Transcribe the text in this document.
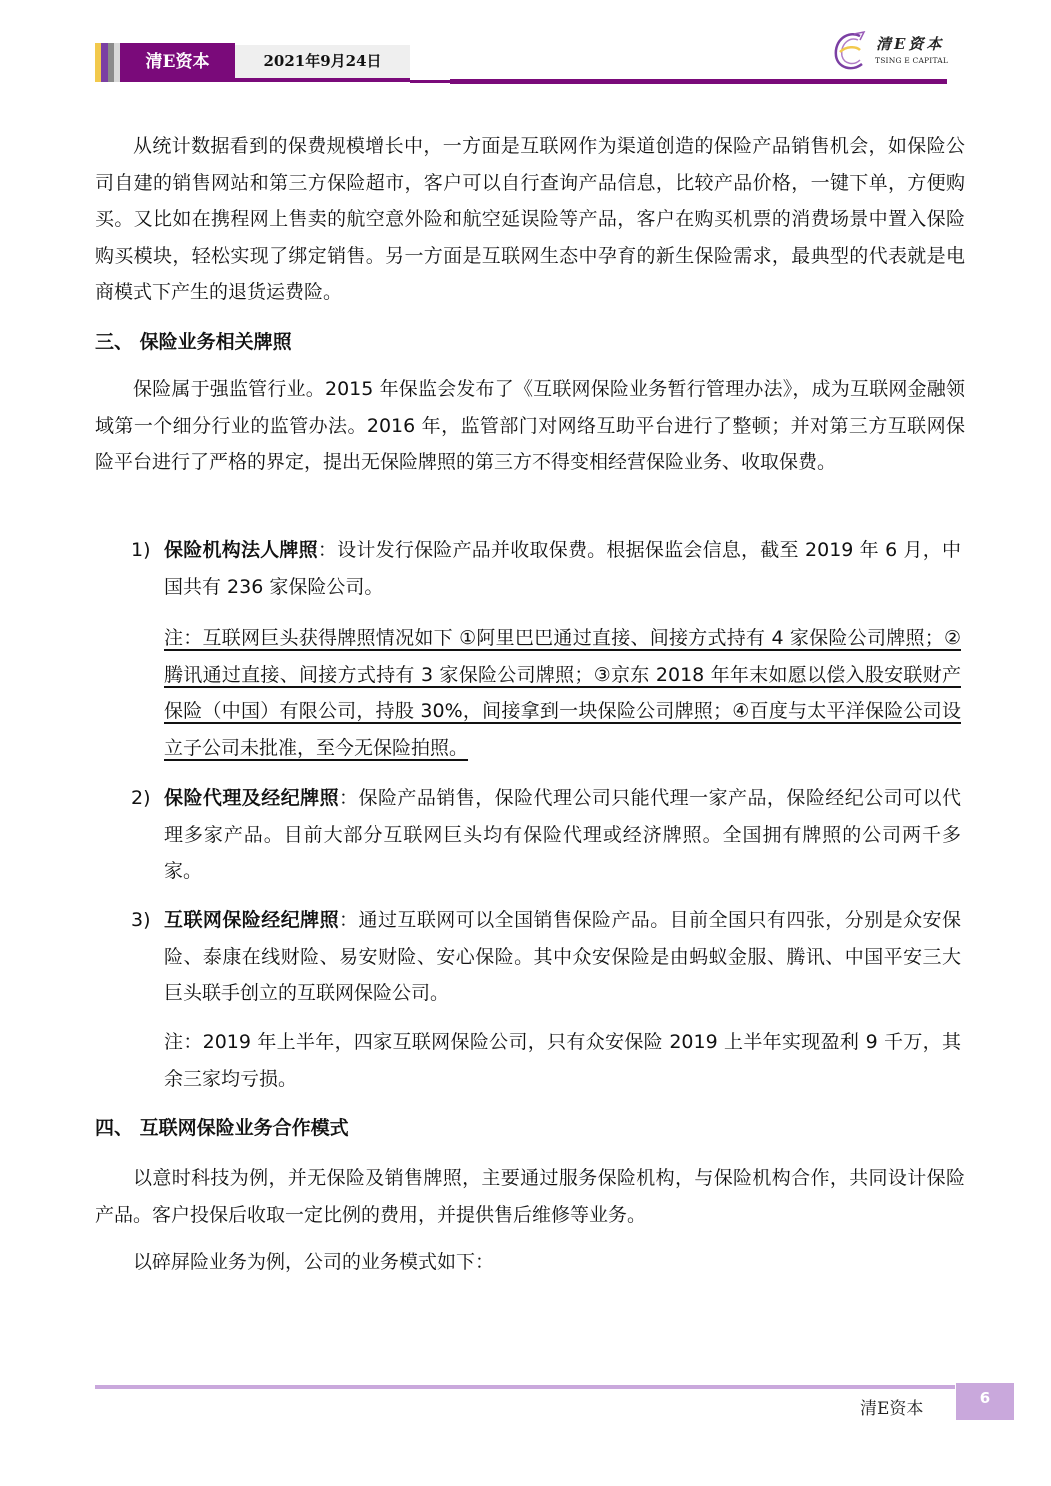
清E资本	2021年9月24日
清E资本
TSING E CAPITAL

从统计数据看到的保费规模增长中，一方面是互联网作为渠道创造的保险产品销售机会，如保险公司自建的销售网站和第三方保险超市，客户可以自行查询产品信息，比较产品价格，一键下单，方便购买。又比如在携程网上售卖的航空意外险和航空延误险等产品，客户在购买机票的消费场景中置入保险购买模块，轻松实现了绑定销售。另一方面是互联网生态中孕育的新生保险需求，最典型的代表就是电商模式下产生的退货运费险。

三、 保险业务相关牌照

保险属于强监管行业。2015 年保监会发布了《互联网保险业务暂行管理办法》，成为互联网金融领域第一个细分行业的监管办法。2016 年，监管部门对网络互助平台进行了整顿；并对第三方互联网保险平台进行了严格的界定，提出无保险牌照的第三方不得变相经营保险业务、收取保费。

1) 保险机构法人牌照：设计发行保险产品并收取保费。根据保监会信息，截至 2019 年 6 月，中国共有 236 家保险公司。

注：互联网巨头获得牌照情况如下 ①阿里巴巴通过直接、间接方式持有 4 家保险公司牌照；②腾讯通过直接、间接方式持有 3 家保险公司牌照；③京东 2018 年年末如愿以偿入股安联财产保险（中国）有限公司，持股 30%，间接拿到一块保险公司牌照；④百度与太平洋保险公司设立子公司未批准，至今无保险拍照。

2) 保险代理及经纪牌照：保险产品销售，保险代理公司只能代理一家产品，保险经纪公司可以代理多家产品。目前大部分互联网巨头均有保险代理或经济牌照。全国拥有牌照的公司两千多家。

3) 互联网保险经纪牌照：通过互联网可以全国销售保险产品。目前全国只有四张，分别是众安保险、泰康在线财险、易安财险、安心保险。其中众安保险是由蚂蚁金服、腾讯、中国平安三大巨头联手创立的互联网保险公司。

注：2019 年上半年，四家互联网保险公司，只有众安保险 2019 上半年实现盈利 9 千万，其余三家均亏损。

四、 互联网保险业务合作模式

以意时科技为例，并无保险及销售牌照，主要通过服务保险机构，与保险机构合作，共同设计保险产品。客户投保后收取一定比例的费用，并提供售后维修等业务。

以碎屏险业务为例，公司的业务模式如下：

清E资本
6
